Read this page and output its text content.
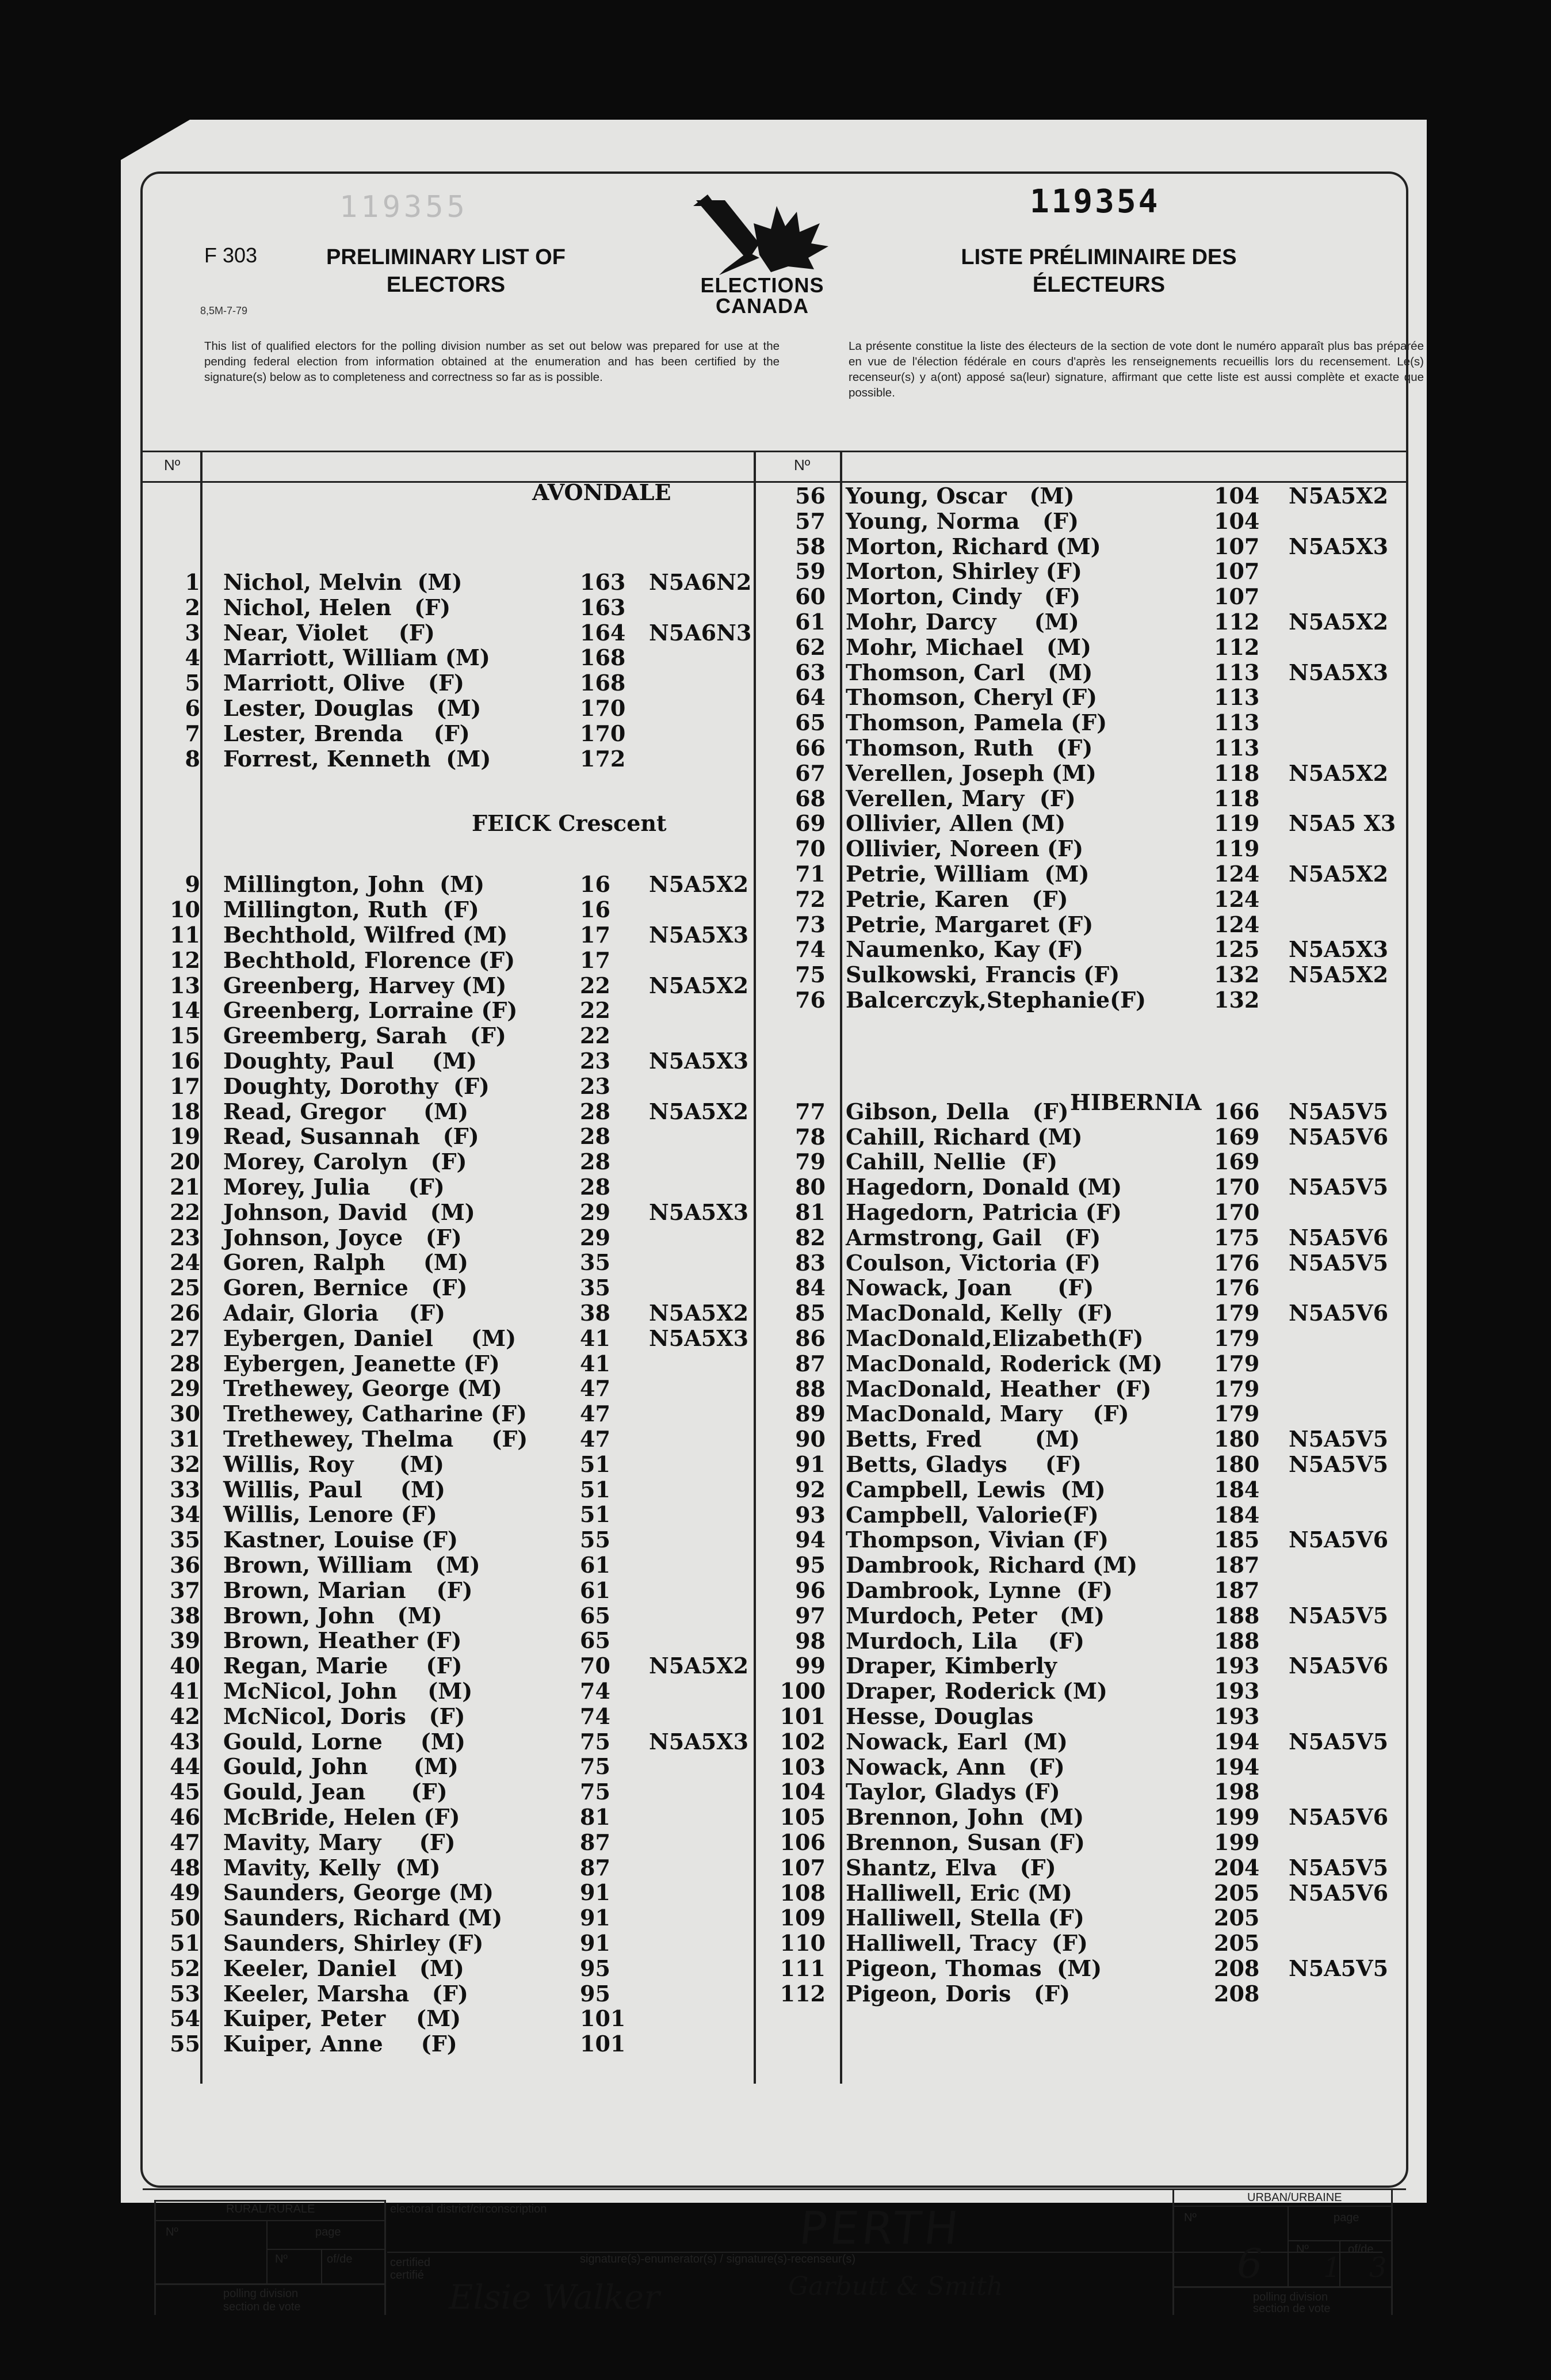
119355	119354
F 303
8,5M-7-79
PRELIMINARY LIST OF ELECTORS
LISTE PRÉLIMINAIRE DES ÉLECTEURS
ELECTIONS CANADA
This list of qualified electors for the polling division number as set out below was prepared for use at the pending federal election from information obtained at the enumeration and has been certified by the signature(s) below as to completeness and correctness so far as is possible.
La présente constitue la liste des électeurs de la section de vote dont le numéro apparaît plus bas préparée en vue de l'élection fédérale en cours d'après les renseignements recueillis lors du recensement. Le(s) recenseur(s) y a(ont) apposé sa(leur) signature, affirmant que cette liste est aussi complète et exacte que possible.
Nº	Nº
AVONDALE
FEICK Crescent
HIBERNIA
1 Nichol, Melvin  (M)	163 N5A6N2
2 Nichol, Helen   (F)	163
3 Near, Violet    (F)	164 N5A6N3
4 Marriott, William (M)	168
5 Marriott, Olive   (F)	168
6 Lester, Douglas   (M)	170
7 Lester, Brenda    (F)	170
8 Forrest, Kenneth  (M)	172
9 Millington, John  (M)	16 N5A5X2
10 Millington, Ruth  (F)	16
11 Bechthold, Wilfred (M)	17 N5A5X3
12 Bechthold, Florence (F)	17
13 Greenberg, Harvey (M)	22 N5A5X2
14 Greenberg, Lorraine (F)	22
15 Greemberg, Sarah   (F)	22
16 Doughty, Paul     (M)	23 N5A5X3
17 Doughty, Dorothy  (F)	23
18 Read, Gregor     (M)	28 N5A5X2
19 Read, Susannah   (F)	28
20 Morey, Carolyn   (F)	28
21 Morey, Julia     (F)	28
22 Johnson, David   (M)	29 N5A5X3
23 Johnson, Joyce   (F)	29
24 Goren, Ralph     (M)	35
25 Goren, Bernice   (F)	35
26 Adair, Gloria    (F)	38 N5A5X2
27 Eybergen, Daniel     (M)	41 N5A5X3
28 Eybergen, Jeanette (F)	41
29 Trethewey, George (M)	47
30 Trethewey, Catharine (F) 47
31 Trethewey, Thelma     (F) 47
32 Willis, Roy      (M)	51
33 Willis, Paul     (M)	51
34 Willis, Lenore (F)	51
35 Kastner, Louise (F)	55
36 Brown, William   (M)	61
37 Brown, Marian    (F)	61
38 Brown, John   (M)	65
39 Brown, Heather (F)	65
40 Regan, Marie     (F)	70 N5A5X2
41 McNicol, John    (M)	74
42 McNicol, Doris   (F)	74
43 Gould, Lorne     (M)	75 N5A5X3
44 Gould, John      (M)	75
45 Gould, Jean      (F)	75
46 McBride, Helen (F)	81
47 Mavity, Mary     (F)	87
48 Mavity, Kelly  (M)	87
49 Saunders, George (M)	91
50 Saunders, Richard (M)	91
51 Saunders, Shirley (F)	91
52 Keeler, Daniel   (M)	95
53 Keeler, Marsha   (F)	95
54 Kuiper, Peter    (M)	101
55 Kuiper, Anne     (F)	101
56 Young, Oscar   (M)	104 N5A5X2
57 Young, Norma   (F)	104
58 Morton, Richard (M)	107 N5A5X3
59 Morton, Shirley (F)	107
60 Morton, Cindy   (F)	107
61 Mohr, Darcy     (M)	112 N5A5X2
62 Mohr, Michael   (M)	112
63 Thomson, Carl   (M)	113 N5A5X3
64 Thomson, Cheryl (F)	113
65 Thomson, Pamela (F)	113
66 Thomson, Ruth   (F)	113
67 Verellen, Joseph (M)	118 N5A5X2
68 Verellen, Mary  (F)	118
69 Ollivier, Allen (M)	119 N5A5 X3
70 Ollivier, Noreen (F)	119
71 Petrie, William  (M)	124 N5A5X2
72 Petrie, Karen   (F)	124
73 Petrie, Margaret (F)	124
74 Naumenko, Kay (F)	125 N5A5X3
75 Sulkowski, Francis (F)	132 N5A5X2
76 Balcerczyk,Stephanie(F)	132
77 Gibson, Della   (F)	166 N5A5V5
78 Cahill, Richard (M)	169 N5A5V6
79 Cahill, Nellie  (F)	169
80 Hagedorn, Donald (M)	170 N5A5V5
81 Hagedorn, Patricia (F)	170
82 Armstrong, Gail   (F)	175 N5A5V6
83 Coulson, Victoria (F)	176 N5A5V5
84 Nowack, Joan      (F)	176
85 MacDonald, Kelly  (F)	179 N5A5V6
86 MacDonald,Elizabeth(F)	179
87 MacDonald, Roderick (M) 179
88 MacDonald, Heather  (F)	179
89 MacDonald, Mary    (F)	179
90 Betts, Fred       (M)	180 N5A5V5
91 Betts, Gladys     (F)	180 N5A5V5
92 Campbell, Lewis  (M)	184
93 Campbell, Valorie(F)	184
94 Thompson, Vivian (F)	185 N5A5V6
95 Dambrook, Richard (M)	187
96 Dambrook, Lynne  (F)	187
97 Murdoch, Peter   (M)	188 N5A5V5
98 Murdoch, Lila    (F)	188
99 Draper, Kimberly	193 N5A5V6
100 Draper, Roderick (M)	193
101 Hesse, Douglas	193
102 Nowack, Earl  (M)	194 N5A5V5
103 Nowack, Ann   (F)	194
104 Taylor, Gladys (F)	198
105 Brennon, John  (M)	199 N5A5V6
106 Brennon, Susan (F)	199
107 Shantz, Elva   (F)	204 N5A5V5
108 Halliwell, Eric (M)	205 N5A5V6
109 Halliwell, Stella (F)	205
110 Halliwell, Tracy  (F)	205
111 Pigeon, Thomas  (M)	208 N5A5V5
112 Pigeon, Doris   (F)	208
RURAL/RURALE
Nº	page
Nº	of/de
polling division
section de vote
electoral district/circonscription
certified
certifié
signature(s)-enumerator(s) / signature(s)-recenseur(s)
URBAN/URBAINE
Nº	page
Nº	of/de
polling division
section de vote
PERTH
6 1 3
Elsie Walker	Garbutt & Smith
